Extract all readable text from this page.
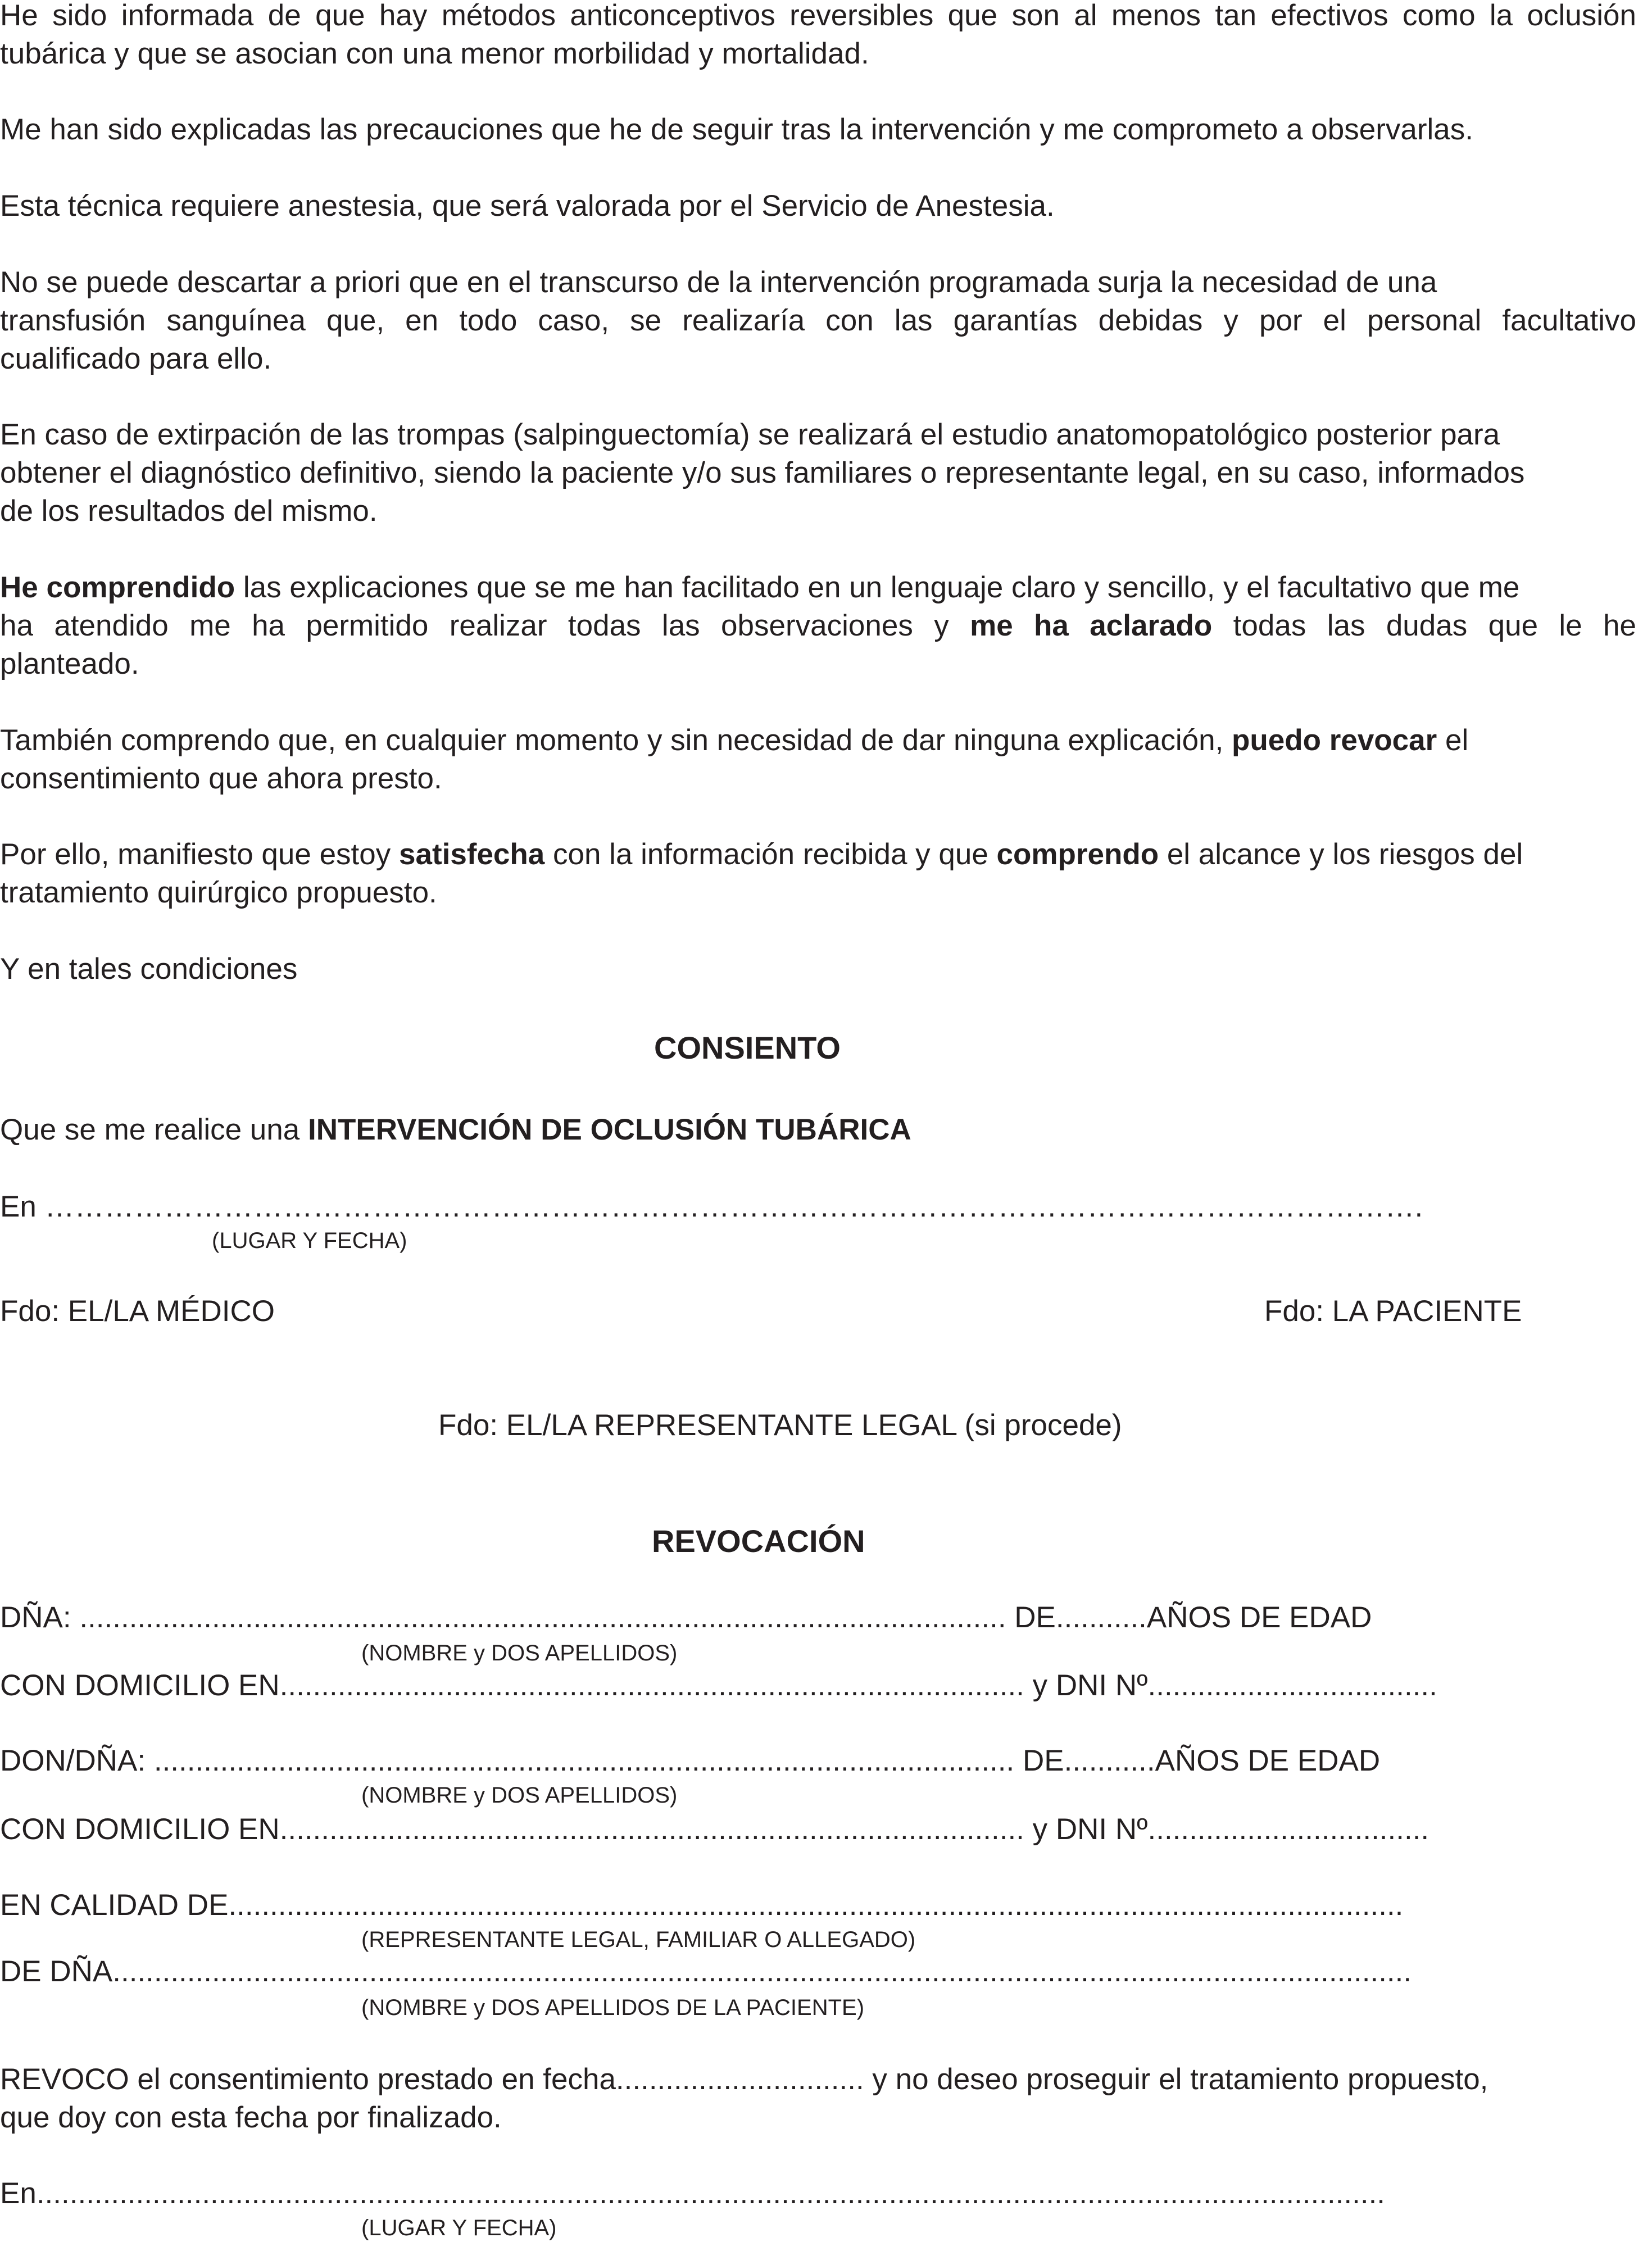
He sido informada de que hay métodos anticonceptivos reversibles que son al menos tan efectivos como la oclusión
tubárica y que se asocian con una menor morbilidad y mortalidad.
Me han sido explicadas las precauciones que he de seguir tras la intervención y me comprometo a observarlas.
Esta técnica requiere anestesia, que será valorada por el Servicio de Anestesia.
No se puede descartar a priori que en el transcurso de la intervención programada surja la necesidad de una
transfusión sanguínea que, en todo caso, se realizaría con las garantías debidas y por el personal facultativo
cualificado para ello.
En caso de extirpación de las trompas (salpinguectomía) se realizará el estudio anatomopatológico posterior para
obtener el diagnóstico definitivo, siendo la paciente y/o sus familiares o representante legal, en su caso, informados
de los resultados del mismo.
He comprendido las explicaciones que se me han facilitado en un lenguaje claro y sencillo, y el facultativo que me
ha atendido me ha permitido realizar todas las observaciones y me ha aclarado todas las dudas que le he
planteado.
También comprendo que, en cualquier momento y sin necesidad de dar ninguna explicación, puedo revocar el
consentimiento que ahora presto.
Por ello, manifiesto que estoy satisfecha con la información recibida y que comprendo el alcance y los riesgos del
tratamiento quirúrgico propuesto.
Y en tales condiciones
CONSIENTO
Que se me realice una INTERVENCIÓN DE OCLUSIÓN TUBÁRICA
En ………………………………………………………………………………………………………………………….
(LUGAR Y FECHA)
Fdo: EL/LA MÉDICO	Fdo: LA PACIENTE
Fdo: EL/LA REPRESENTANTE LEGAL (si procede)
REVOCACIÓN
DÑA: ................................................................................................................ DE...........AÑOS DE EDAD
(NOMBRE y DOS APELLIDOS)
CON DOMICILIO EN.......................................................................................... y DNI Nº...................................
DON/DÑA: ........................................................................................................ DE...........AÑOS DE EDAD
(NOMBRE y DOS APELLIDOS)
CON DOMICILIO EN.......................................................................................... y DNI Nº..................................
EN CALIDAD DE..............................................................................................................................................
(REPRESENTANTE LEGAL, FAMILIAR O ALLEGADO)
DE DÑA.............................................................................................................................................................
(NOMBRE y DOS APELLIDOS DE LA PACIENTE)
REVOCO el consentimiento prestado en fecha.............................. y no deseo proseguir el tratamiento propuesto,
que doy con esta fecha por finalizado.
En...................................................................................................................................................................
(LUGAR Y FECHA)
